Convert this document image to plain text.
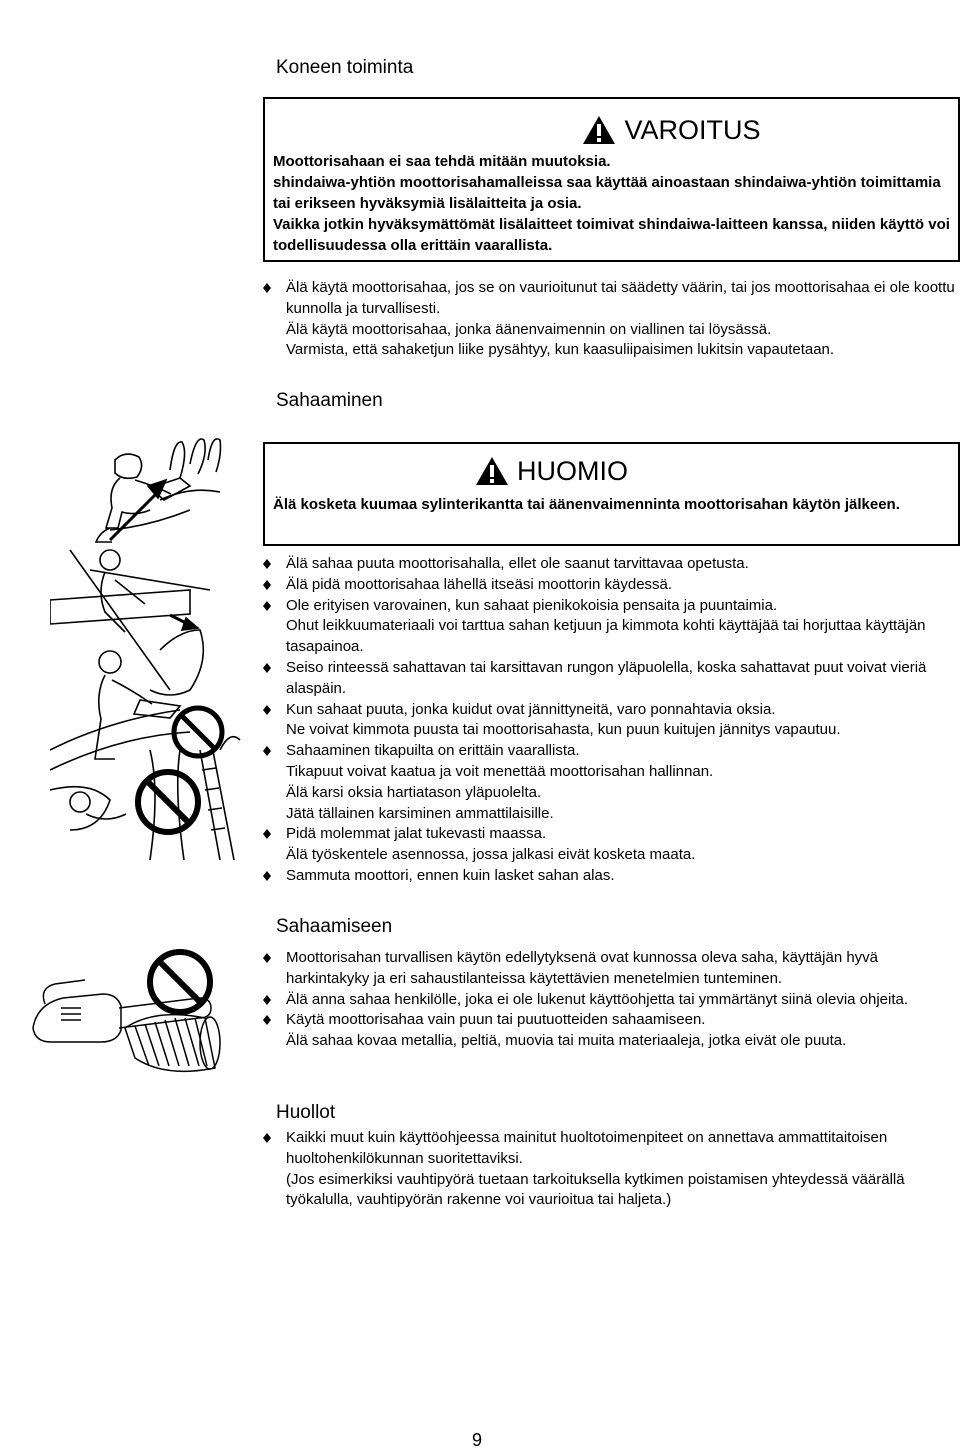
Koneen toiminta
VAROITUS

Moottorisahaan ei saa tehdä mitään muutoksia.

shindaiwa-yhtiön moottorisahamalleissa saa käyttää ainoastaan shindaiwa-yhtiön toimittamia tai erikseen hyväksymiä lisälaitteita ja osia.

Vaikka jotkin hyväksymättömät lisälaitteet toimivat shindaiwa-laitteen kanssa, niiden käyttö voi todellisuudessa olla erittäin vaarallista.

Älä käytä moottorisahaa, jos se on vaurioitunut tai säädetty väärin, tai jos moottorisahaa ei ole koottu kunnolla ja turvallisesti.
Älä käytä moottorisahaa, jonka äänenvaimennin on viallinen tai löysässä.
Varmista, että sahaketjun liike pysähtyy, kun kaasuliipaisimen lukitsin vapautetaan.
Sahaaminen
HUOMIO

Älä kosketa kuumaa sylinterikantta tai äänenvaimenninta moottorisahan käytön jälkeen.

Älä sahaa puuta moottorisahalla, ellet ole saanut tarvittavaa opetusta.
Älä pidä moottorisahaa lähellä itseäsi moottorin käydessä.
Ole erityisen varovainen, kun sahaat pienikokoisia pensaita ja puuntaimia.
Ohut leikkuumateriaali voi tarttua sahan ketjuun ja kimmota kohti käyttäjää tai horjuttaa käyttäjän tasapainoa.
Seiso rinteessä sahattavan tai karsittavan rungon yläpuolella, koska sahattavat puut voivat vieriä alaspäin.
Kun sahaat puuta, jonka kuidut ovat jännittyneitä, varo ponnahtavia oksia.
Ne voivat kimmota puusta tai moottorisahasta, kun puun kuitujen jännitys vapautuu.
Sahaaminen tikapuilta on erittäin vaarallista.
Tikapuut voivat kaatua ja voit menettää moottorisahan hallinnan.
Älä karsi oksia hartiatason yläpuolelta.
Jätä tällainen karsiminen ammattilaisille.
Pidä molemmat jalat tukevasti maassa.
Älä työskentele asennossa, jossa jalkasi eivät kosketa maata.
Sammuta moottori, ennen kuin lasket sahan alas.
Sahaamiseen
Moottorisahan turvallisen käytön edellytyksenä ovat kunnossa oleva saha, käyttäjän hyvä harkintakyky ja eri sahaustilanteissa käytettävien menetelmien tunteminen.
Älä anna sahaa henkilölle, joka ei ole lukenut käyttöohjetta tai ymmärtänyt siinä olevia ohjeita.
Käytä moottorisahaa vain puun tai puutuotteiden sahaamiseen.
Älä sahaa kovaa metallia, peltiä, muovia tai muita materiaaleja, jotka eivät ole puuta.
Huollot
Kaikki muut kuin käyttöohjeessa mainitut huoltotoimenpiteet on annettava ammattitaitoisen huoltohenkilökunnan suoritettaviksi.
(Jos esimerkiksi vauhtipyörä tuetaan tarkoituksella kytkimen poistamisen yhteydessä väärällä työkalulla, vauhtipyörän rakenne voi vaurioitua tai haljeta.)
9
